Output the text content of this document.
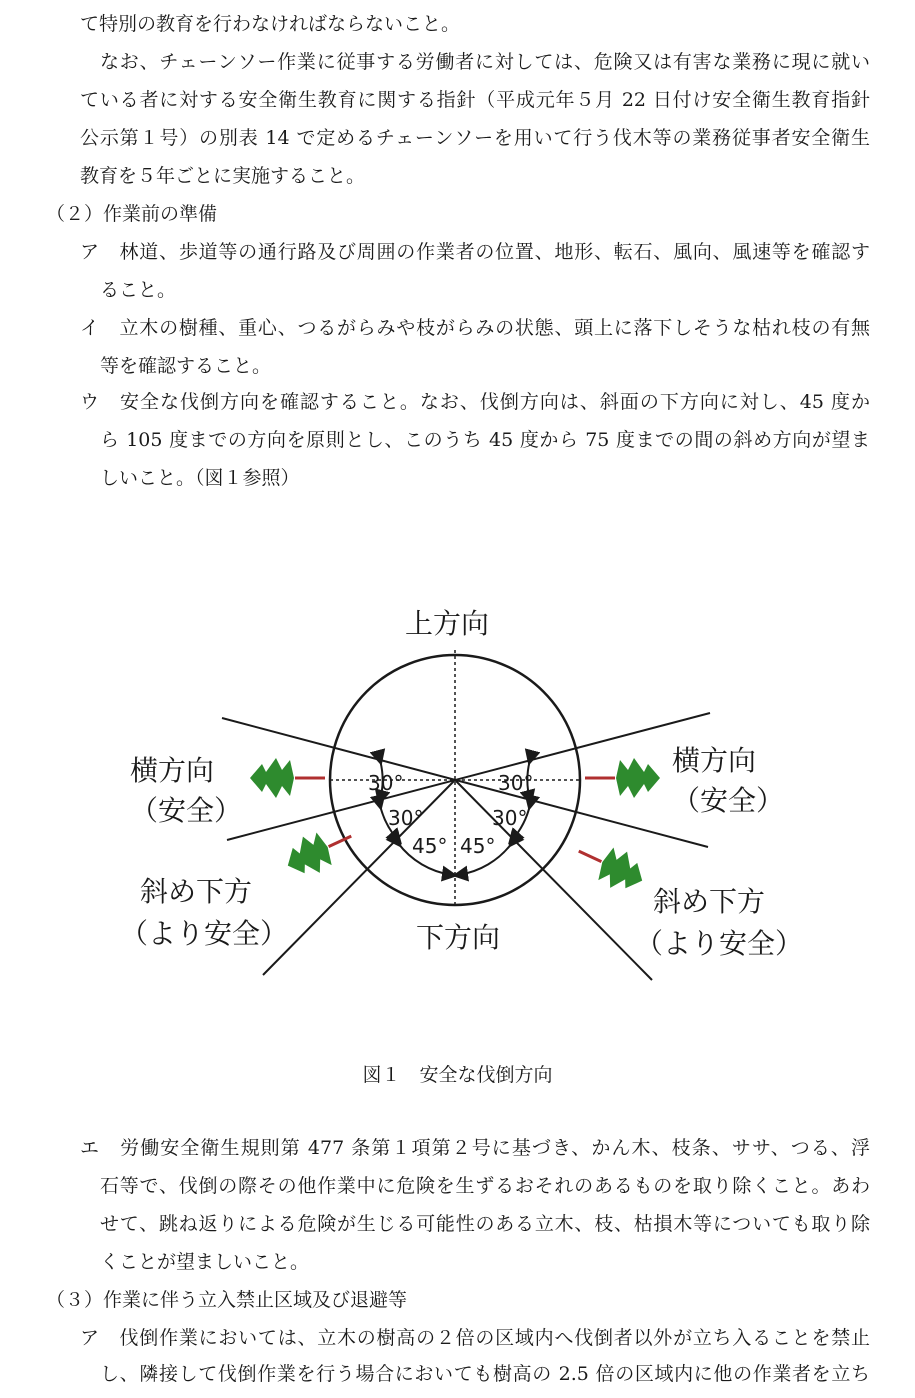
て特別の教育を行わなければならないこと。
なお、チェーンソー作業に従事する労働者に対しては、危険又は有害な業務に現に就い
ている者に対する安全衛生教育に関する指針（平成元年５月 22 日付け安全衛生教育指針
公示第１号）の別表 14 で定めるチェーンソーを用いて行う伐木等の業務従事者安全衛生
教育を５年ごとに実施すること。
（２）作業前の準備
ア　林道、歩道等の通行路及び周囲の作業者の位置、地形、転石、風向、風速等を確認す
ること。
イ　立木の樹種、重心、つるがらみや枝がらみの状態、頭上に落下しそうな枯れ枝の有無
等を確認すること。
ウ　安全な伐倒方向を確認すること。なお、伐倒方向は、斜面の下方向に対し、45 度か
ら 105 度までの方向を原則とし、このうち 45 度から 75 度までの間の斜め方向が望ま
しいこと。（図１参照）
30°	30°
30°	30°
45° 45°
上方向
下方向
横方向
（安全）
横方向
（安全）
斜め下方
（より安全）
斜め下方
（より安全）
図１　安全な伐倒方向
エ　労働安全衛生規則第 477 条第１項第２号に基づき、かん木、枝条、ササ、つる、浮
石等で、伐倒の際その他作業中に危険を生ずるおそれのあるものを取り除くこと。あわ
せて、跳ね返りによる危険が生じる可能性のある立木、枝、枯損木等についても取り除
くことが望ましいこと。
（３）作業に伴う立入禁止区域及び退避等
ア　伐倒作業においては、立木の樹高の２倍の区域内へ伐倒者以外が立ち入ることを禁止
し、隣接して伐倒作業を行う場合においても樹高の 2.5 倍の区域内に他の作業者を立ち
